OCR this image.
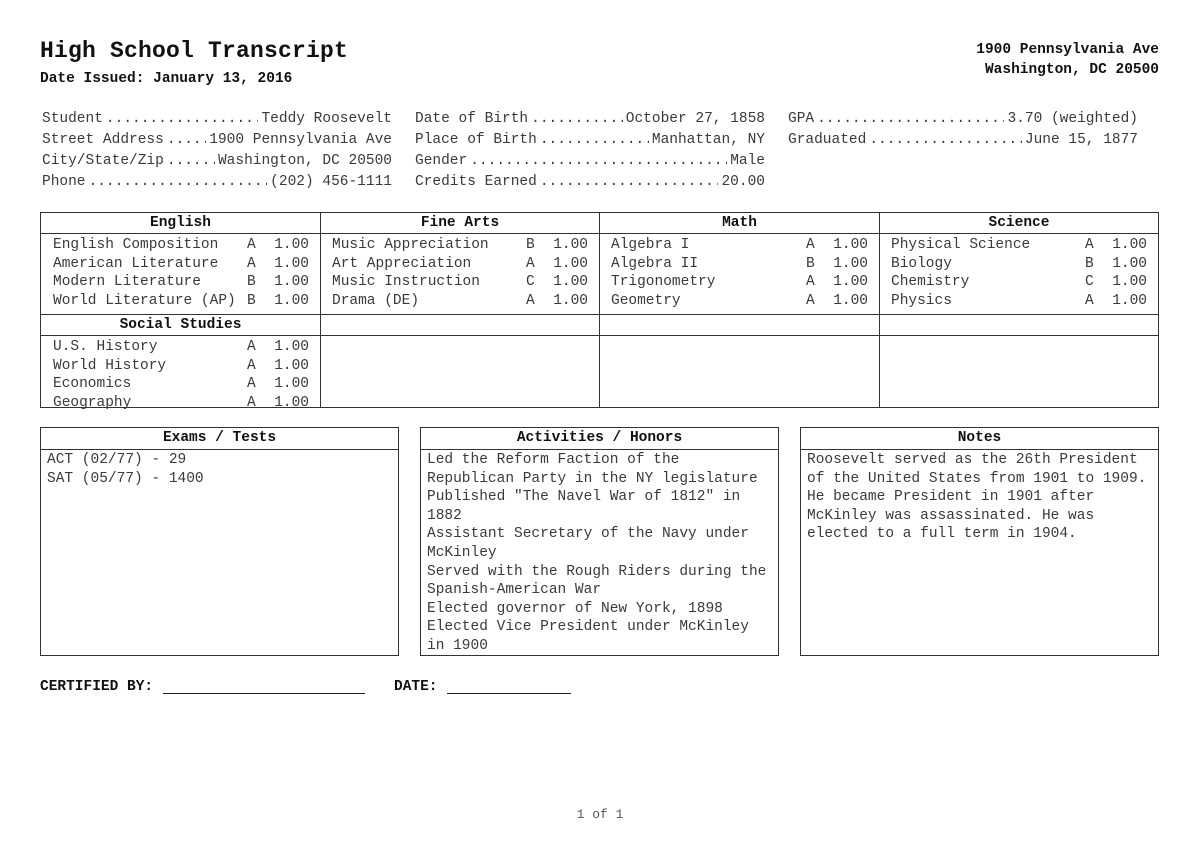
High School Transcript
Date Issued: January 13, 2016
1900 Pennsylvania Ave
Washington, DC 20500
Student .....	Teddy Roosevelt
Street Address .....	1900 Pennsylvania Ave
City/State/Zip .....	Washington, DC 20500
Phone .....	(202) 456-1111
Date of Birth .....	October 27, 1858
Place of Birth .....	Manhattan, NY
Gender .....	Male
Credits Earned .....	20.00
GPA .....	3.70 (weighted)
Graduated .....	June 15, 1877
English
English Composition	A	1.00
American Literature	A	1.00
Modern Literature	B	1.00
World Literature (AP) B	1.00
Social Studies
U.S. History	A	1.00
World History	A	1.00
Economics	A	1.00
Geography	A	1.00
Fine Arts
Music Appreciation	B	1.00
Art Appreciation	A	1.00
Music Instruction	C	1.00
Drama (DE)	A	1.00
Math
Algebra I	A	1.00
Algebra II	B	1.00
Trigonometry	A	1.00
Geometry	A	1.00
Science
Physical Science	A	1.00
Biology	B	1.00
Chemistry	C	1.00
Physics	A	1.00
Exams / Tests
ACT (02/77) - 29
SAT (05/77) - 1400
Activities / Honors
Led the Reform Faction of the Republican Party in the NY legislature
Published "The Navel War of 1812" in 1882
Assistant Secretary of the Navy under McKinley
Served with the Rough Riders during the Spanish-American War
Elected governor of New York, 1898
Elected Vice President under McKinley in 1900
Notes
Roosevelt served as the 26th President of the United States from 1901 to 1909. He became President in 1901 after McKinley was assassinated. He was elected to a full term in 1904.
CERTIFIED BY:	DATE:
1 of 1
